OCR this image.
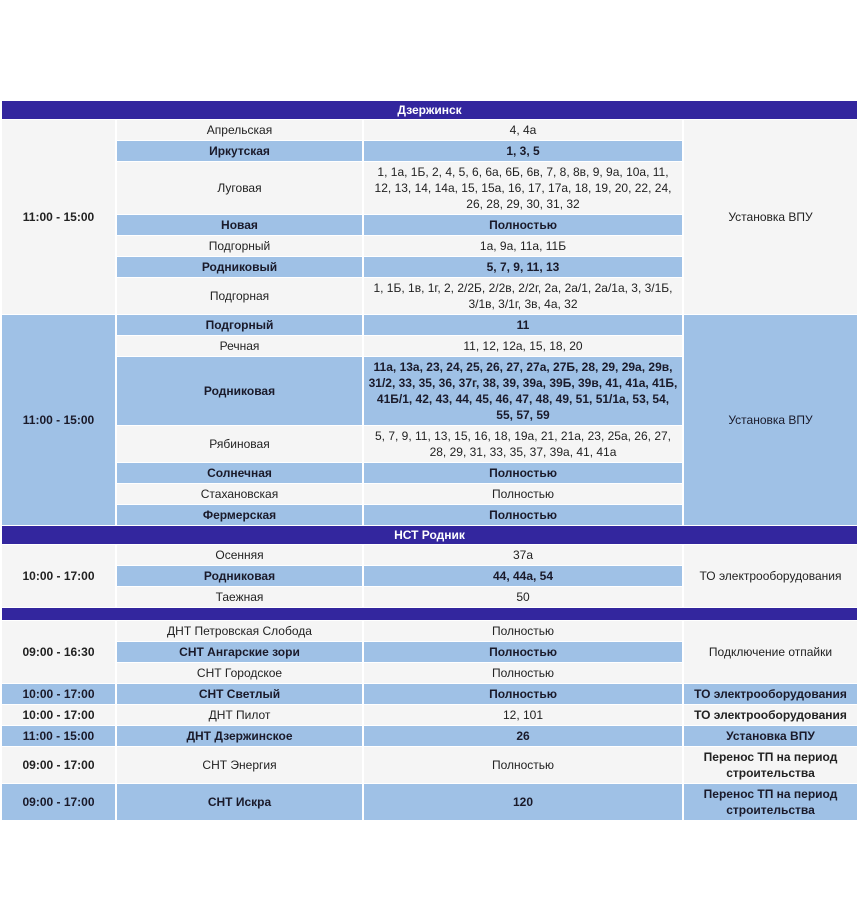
Дзержинск			
11:00 - 15:00	Апрельская	4, 4а	Установка ВПУ
	Иркутская	1, 3, 5	
	Луговая	1, 1а, 1Б, 2, 4, 5, 6, 6а, 6Б, 6в, 7, 8, 8в, 9, 9а, 10а, 11, 12, 13, 14, 14а, 15, 15а, 16, 17, 17а, 18, 19, 20, 22, 24, 26, 28, 29, 30, 31, 32	
	Новая	Полностью	
	Подгорный	1а, 9а, 11а, 11Б	
	Родниковый	5, 7, 9, 11, 13	
	Подгорная	1, 1Б, 1в, 1г, 2, 2/2Б, 2/2в, 2/2г, 2а, 2а/1, 2а/1а, 3, 3/1Б, 3/1в, 3/1г, 3в, 4а, 32	
11:00 - 15:00	Подгорный	11	Установка ВПУ
	Речная	11, 12, 12а, 15, 18, 20	
	Родниковая	11а, 13а, 23, 24, 25, 26, 27, 27а, 27Б, 28, 29, 29а, 29в, 31/2, 33, 35, 36, 37г, 38, 39, 39а, 39Б, 39в, 41, 41а, 41Б, 41Б/1, 42, 43, 44, 45, 46, 47, 48, 49, 51, 51/1а, 53, 54, 55, 57, 59	
	Рябиновая	5, 7, 9, 11, 13, 15, 16, 18, 19а, 21, 21а, 23, 25а, 26, 27, 28, 29, 31, 33, 35, 37, 39а, 41, 41а	
	Солнечная	Полностью	
	Стахановская	Полностью	
	Фермерская	Полностью	
НСТ Родник			
10:00 - 17:00	Осенняя	37а	ТО электрооборудования
	Родниковая	44, 44а, 54	
	Таежная	50	

09:00 - 16:30	ДНТ Петровская Слобода	Полностью	Подключение отпайки
	СНТ Ангарские зори	Полностью	
	СНТ Городское	Полностью	
10:00 - 17:00	СНТ Светлый	Полностью	ТО электрооборудования
10:00 - 17:00	ДНТ Пилот	12, 101	ТО электрооборудования
11:00 - 15:00	ДНТ Дзержинское	26	Установка ВПУ
09:00 - 17:00	СНТ Энергия	Полностью	Перенос ТП на период строительства
09:00 - 17:00	СНТ Искра	120	Перенос ТП на период строительства
